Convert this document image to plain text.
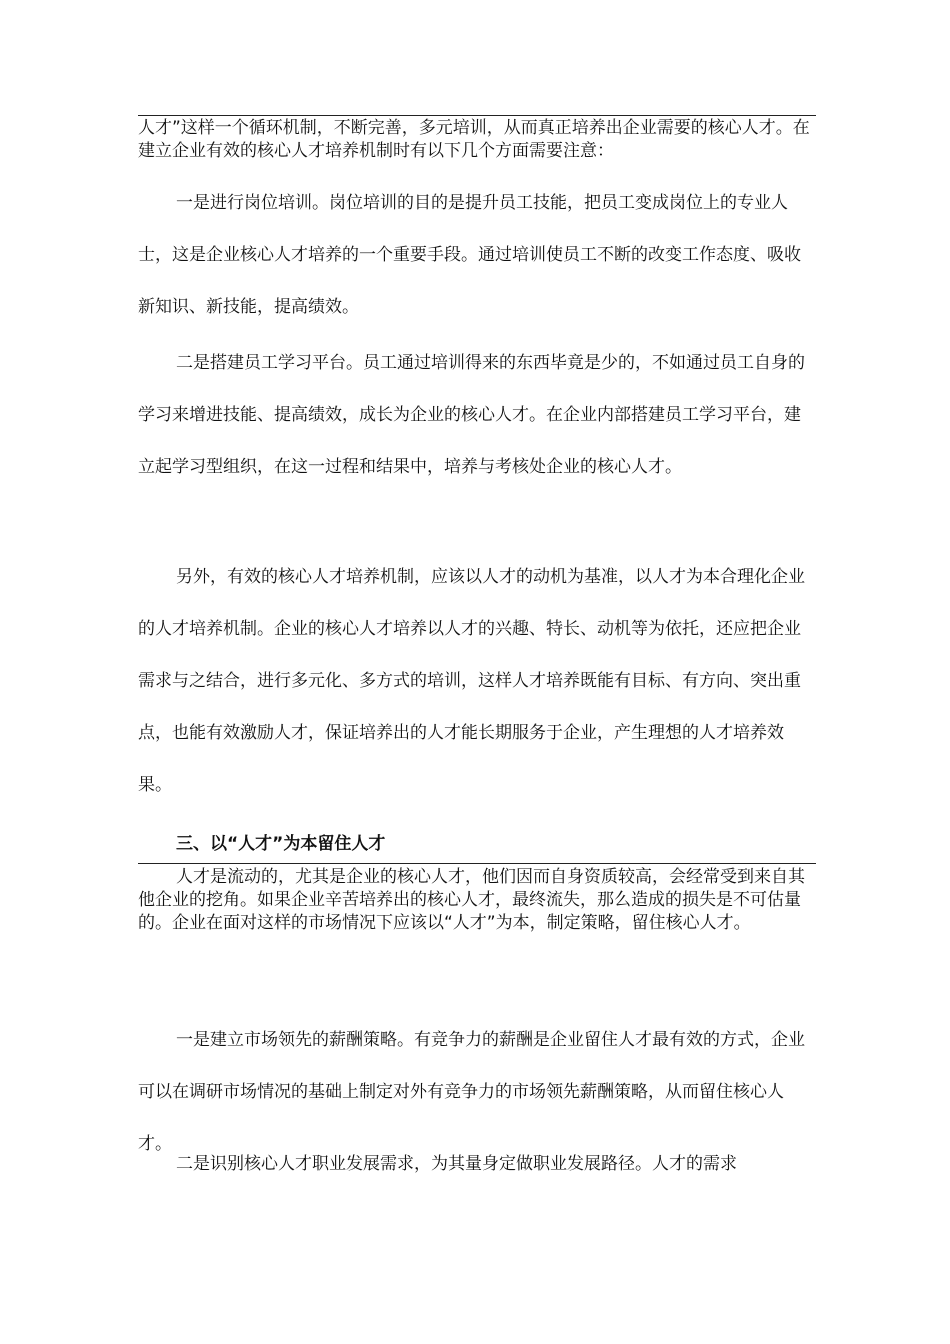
人才”这样一个循环机制，不断完善，多元培训，从而真正培养出企业需要的核心人才。在建立企业有效的核心人才培养机制时有以下几个方面需要注意：

一是进行岗位培训。岗位培训的目的是提升员工技能，把员工变成岗位上的专业人士，这是企业核心人才培养的一个重要手段。通过培训使员工不断的改变工作态度、吸收新知识、新技能，提高绩效。

二是搭建员工学习平台。员工通过培训得来的东西毕竟是少的，不如通过员工自身的学习来增进技能、提高绩效，成长为企业的核心人才。在企业内部搭建员工学习平台，建立起学习型组织，在这一过程和结果中，培养与考核处企业的核心人才。

另外，有效的核心人才培养机制，应该以人才的动机为基准，以人才为本合理化企业的人才培养机制。企业的核心人才培养以人才的兴趣、特长、动机等为依托，还应把企业需求与之结合，进行多元化、多方式的培训，这样人才培养既能有目标、有方向、突出重点，也能有效激励人才，保证培养出的人才能长期服务于企业，产生理想的人才培养效果。

三、以“人才”为本留住人才

人才是流动的，尤其是企业的核心人才，他们因而自身资质较高，会经常受到来自其他企业的挖角。如果企业辛苦培养出的核心人才，最终流失，那么造成的损失是不可估量的。企业在面对这样的市场情况下应该以“人才”为本，制定策略，留住核心人才。

一是建立市场领先的薪酬策略。有竞争力的薪酬是企业留住人才最有效的方式，企业可以在调研市场情况的基础上制定对外有竞争力的市场领先薪酬策略，从而留住核心人才。

二是识别核心人才职业发展需求，为其量身定做职业发展路径。人才的需求
